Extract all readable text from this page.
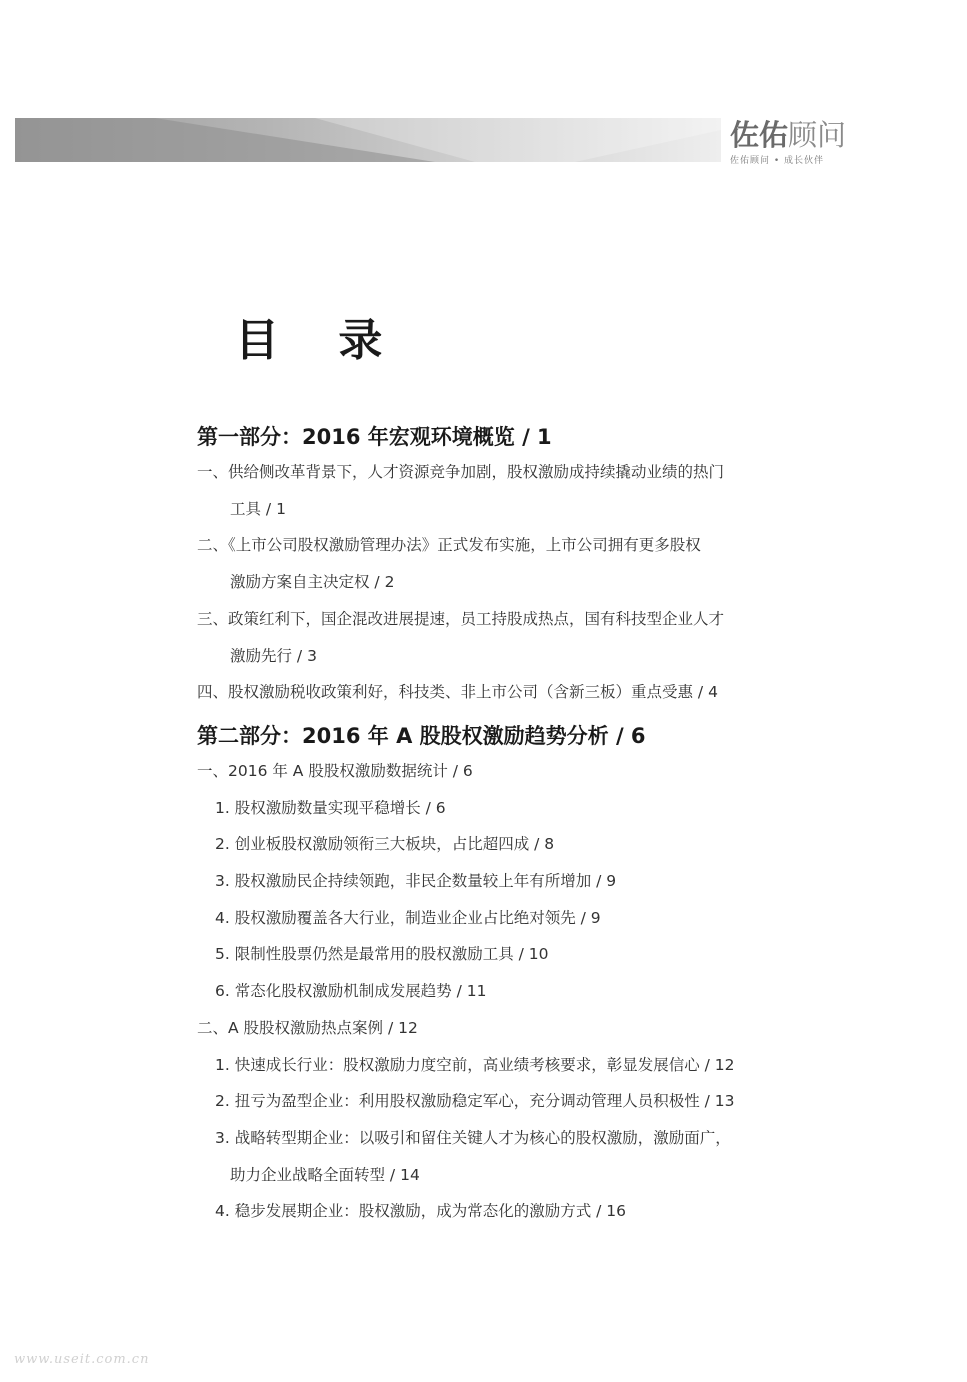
佐佑顾问
佐佑顾问 • 成长伙伴
目 录
第一部分：2016 年宏观环境概览 / 1
一、供给侧改革背景下，人才资源竞争加剧，股权激励成持续撬动业绩的热门
工具 / 1
二、《上市公司股权激励管理办法》正式发布实施，上市公司拥有更多股权
激励方案自主决定权 / 2
三、政策红利下，国企混改进展提速，员工持股成热点，国有科技型企业人才
激励先行 / 3
四、股权激励税收政策利好，科技类、非上市公司（含新三板）重点受惠 / 4
第二部分：2016 年 A 股股权激励趋势分析 / 6
一、2016 年 A 股股权激励数据统计 / 6
1. 股权激励数量实现平稳增长 / 6
2. 创业板股权激励领衔三大板块，占比超四成 / 8
3. 股权激励民企持续领跑，非民企数量较上年有所增加 / 9
4. 股权激励覆盖各大行业，制造业企业占比绝对领先 / 9
5. 限制性股票仍然是最常用的股权激励工具 / 10
6. 常态化股权激励机制成发展趋势 / 11
二、A 股股权激励热点案例 / 12
1. 快速成长行业：股权激励力度空前，高业绩考核要求，彰显发展信心 / 12
2. 扭亏为盈型企业：利用股权激励稳定军心，充分调动管理人员积极性 / 13
3. 战略转型期企业：以吸引和留住关键人才为核心的股权激励，激励面广，
助力企业战略全面转型 / 14
4. 稳步发展期企业：股权激励，成为常态化的激励方式 / 16
www.useit.com.cn
